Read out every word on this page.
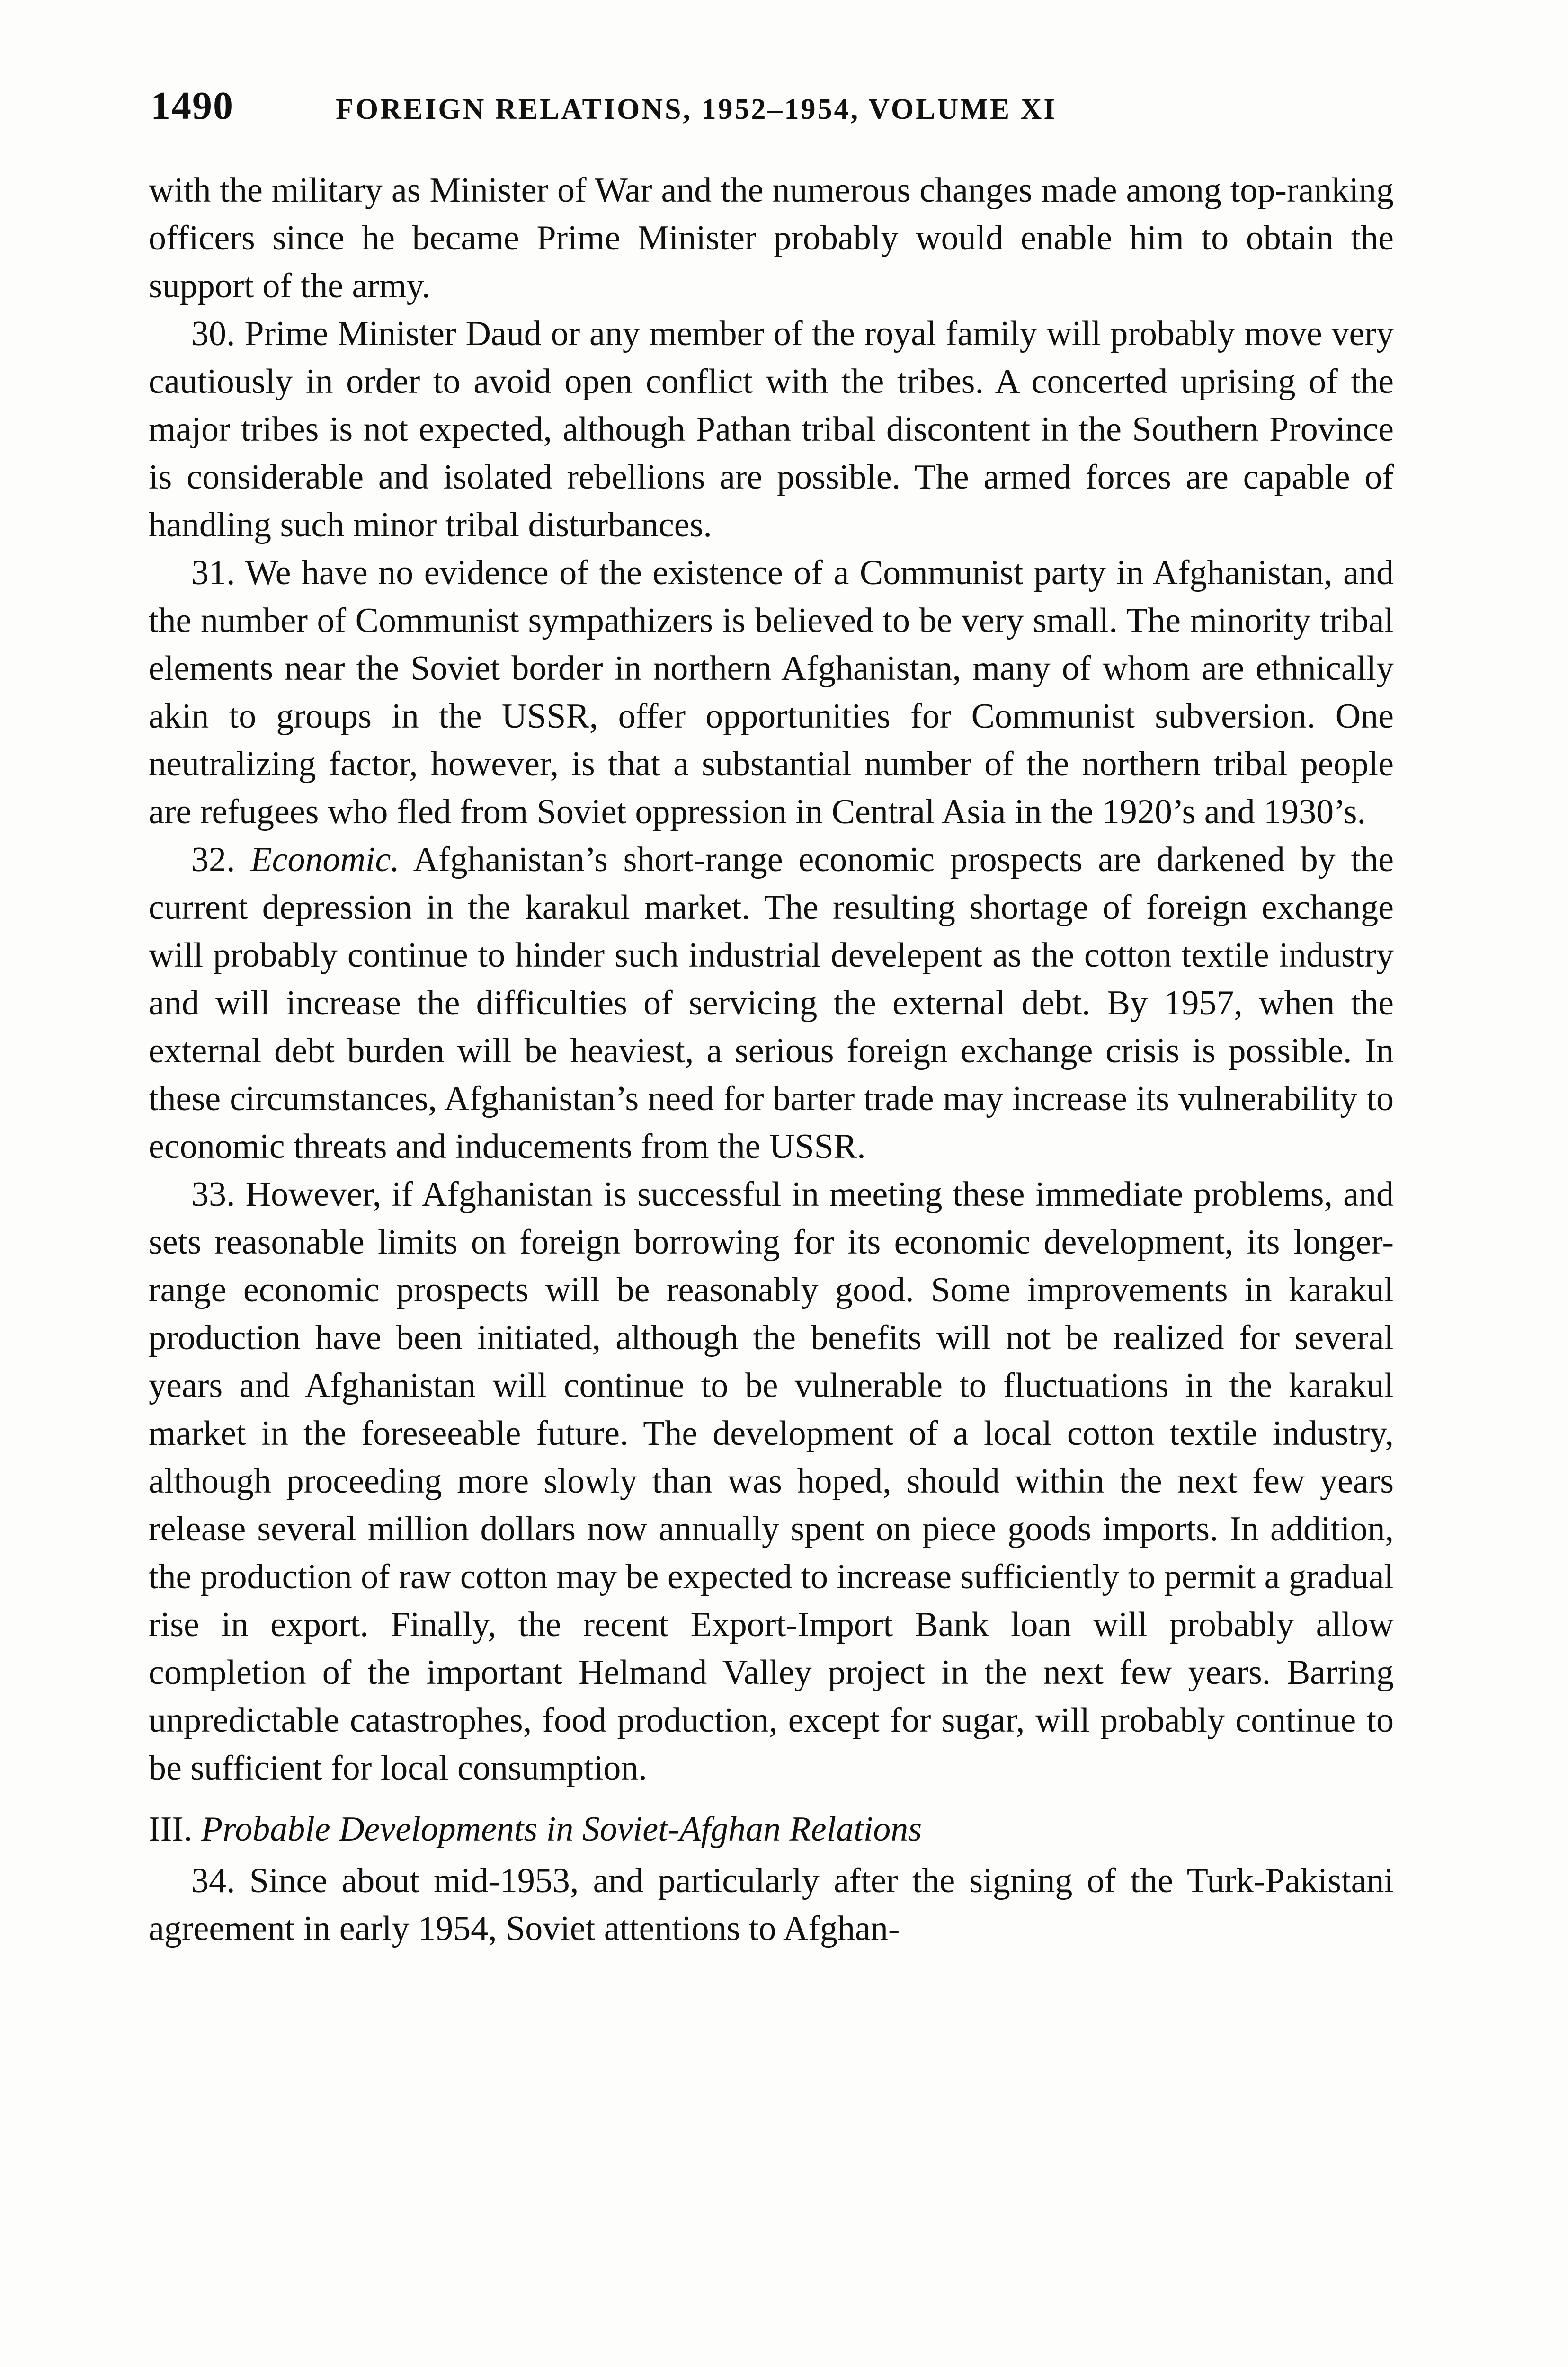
1490	FOREIGN RELATIONS, 1952–1954, VOLUME XI

with the military as Minister of War and the numerous changes made among top-ranking officers since he became Prime Minister probably would enable him to obtain the support of the army.

30. Prime Minister Daud or any member of the royal family will probably move very cautiously in order to avoid open conflict with the tribes. A concerted uprising of the major tribes is not expected, although Pathan tribal discontent in the Southern Province is considerable and isolated rebellions are possible. The armed forces are capable of handling such minor tribal disturbances.

31. We have no evidence of the existence of a Communist party in Afghanistan, and the number of Communist sympathizers is believed to be very small. The minority tribal elements near the Soviet border in northern Afghanistan, many of whom are ethnically akin to groups in the USSR, offer opportunities for Communist subversion. One neutralizing factor, however, is that a substantial number of the northern tribal people are refugees who fled from Soviet oppression in Central Asia in the 1920’s and 1930’s.

32. Economic. Afghanistan’s short-range economic prospects are darkened by the current depression in the karakul market. The resulting shortage of foreign exchange will probably continue to hinder such industrial develepent as the cotton textile industry and will increase the difficulties of servicing the external debt. By 1957, when the external debt burden will be heaviest, a serious foreign exchange crisis is possible. In these circumstances, Afghanistan’s need for barter trade may increase its vulnerability to economic threats and inducements from the USSR.

33. However, if Afghanistan is successful in meeting these immediate problems, and sets reasonable limits on foreign borrowing for its economic development, its longer-range economic prospects will be reasonably good. Some improvements in karakul production have been initiated, although the benefits will not be realized for several years and Afghanistan will continue to be vulnerable to fluctuations in the karakul market in the foreseeable future. The development of a local cotton textile industry, although proceeding more slowly than was hoped, should within the next few years release several million dollars now annually spent on piece goods imports. In addition, the production of raw cotton may be expected to increase sufficiently to permit a gradual rise in export. Finally, the recent Export-Import Bank loan will probably allow completion of the important Helmand Valley project in the next few years. Barring unpredictable catastrophes, food production, except for sugar, will probably continue to be sufficient for local consumption.

III. Probable Developments in Soviet-Afghan Relations

34. Since about mid-1953, and particularly after the signing of the Turk-Pakistani agreement in early 1954, Soviet attentions to Afghan-
